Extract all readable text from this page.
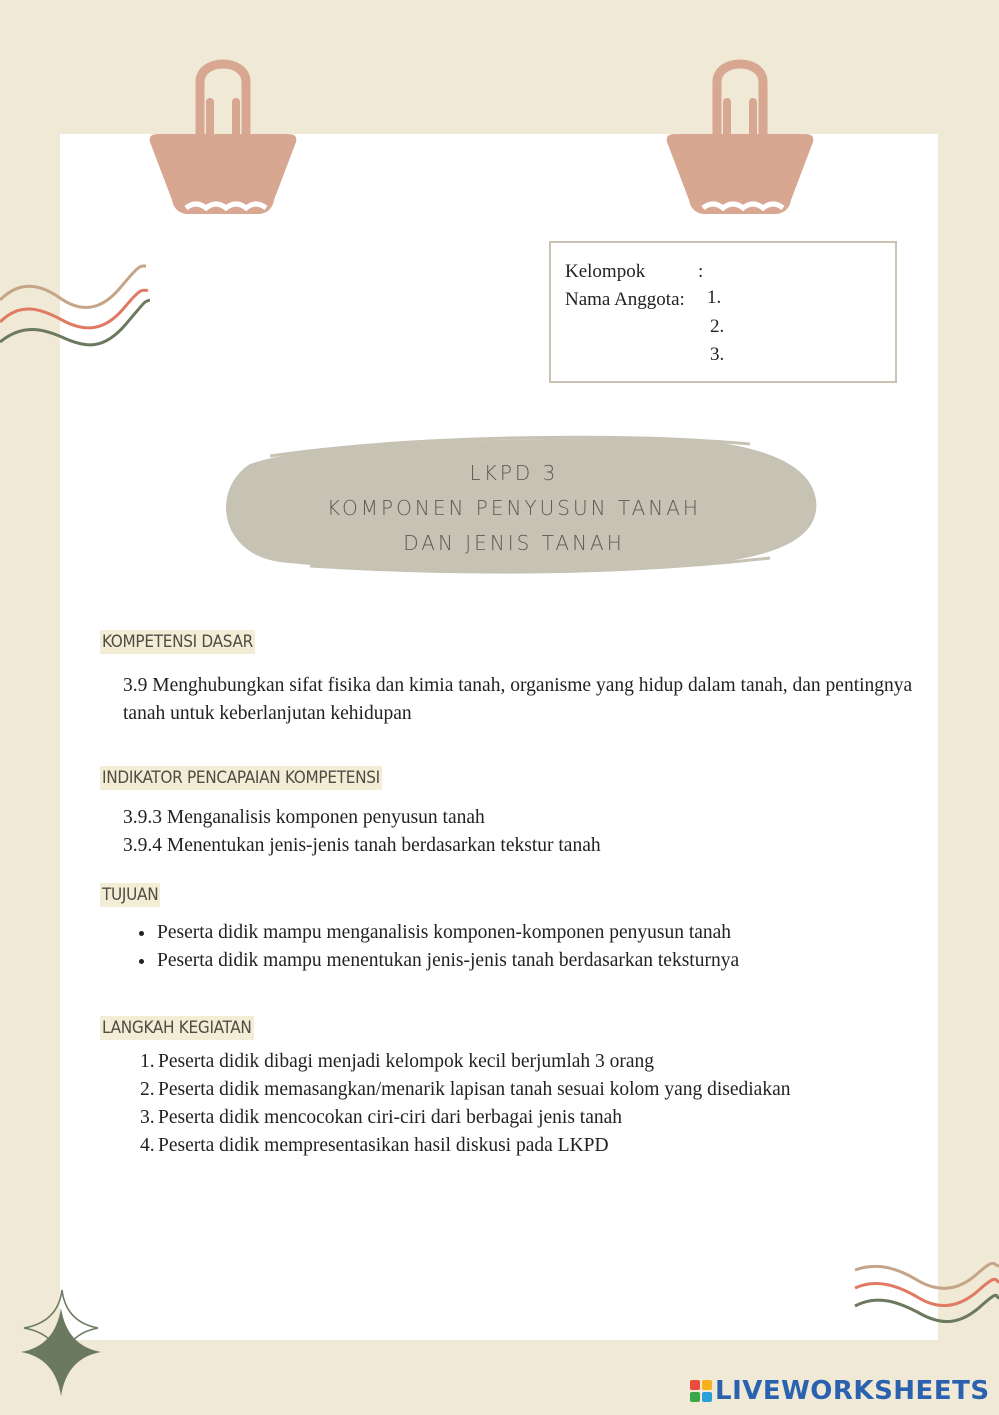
Kelompok	:
Nama Anggota: 1.
2.
3.
LKPD 3
KOMPONEN PENYUSUN TANAH
DAN JENIS TANAH
KOMPETENSI DASAR
3.9 Menghubungkan sifat fisika dan kimia tanah, organisme yang hidup dalam tanah, dan pentingnya tanah untuk keberlanjutan kehidupan
INDIKATOR PENCAPAIAN KOMPETENSI
3.9.3 Menganalisis komponen penyusun tanah
3.9.4 Menentukan jenis-jenis tanah berdasarkan tekstur tanah
TUJUAN
Peserta didik mampu menganalisis komponen-komponen penyusun tanah
Peserta didik mampu menentukan jenis-jenis tanah berdasarkan teksturnya
LANGKAH KEGIATAN
1. Peserta didik dibagi menjadi kelompok kecil berjumlah 3 orang
2. Peserta didik memasangkan/menarik lapisan tanah sesuai kolom yang disediakan
3. Peserta didik mencocokan ciri-ciri dari berbagai jenis tanah
4. Peserta didik mempresentasikan hasil diskusi pada LKPD
LIVEWORKSHEETS
